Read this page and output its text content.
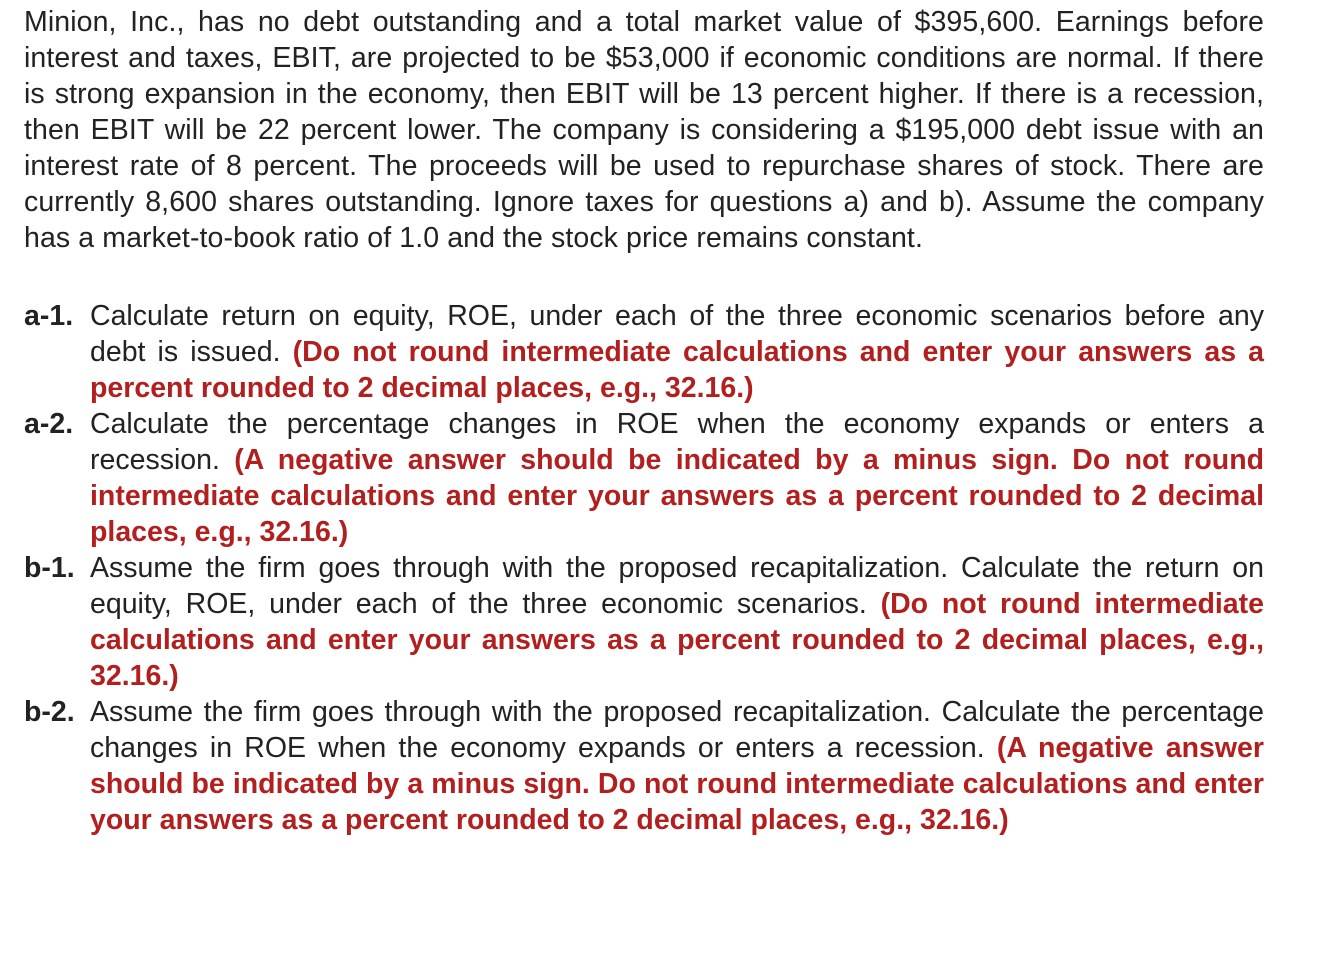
Minion, Inc., has no debt outstanding and a total market value of $395,600. Earnings before interest and taxes, EBIT, are projected to be $53,000 if economic conditions are normal. If there is strong expansion in the economy, then EBIT will be 13 percent higher. If there is a recession, then EBIT will be 22 percent lower. The company is considering a $195,000 debt issue with an interest rate of 8 percent. The proceeds will be used to repurchase shares of stock. There are currently 8,600 shares outstanding. Ignore taxes for questions a) and b). Assume the company has a market-to-book ratio of 1.0 and the stock price remains constant.

a-1. Calculate return on equity, ROE, under each of the three economic scenarios before any debt is issued. (Do not round intermediate calculations and enter your answers as a percent rounded to 2 decimal places, e.g., 32.16.)
a-2. Calculate the percentage changes in ROE when the economy expands or enters a recession. (A negative answer should be indicated by a minus sign. Do not round intermediate calculations and enter your answers as a percent rounded to 2 decimal places, e.g., 32.16.)
b-1. Assume the firm goes through with the proposed recapitalization. Calculate the return on equity, ROE, under each of the three economic scenarios. (Do not round intermediate calculations and enter your answers as a percent rounded to 2 decimal places, e.g., 32.16.)
b-2. Assume the firm goes through with the proposed recapitalization. Calculate the percentage changes in ROE when the economy expands or enters a recession. (A negative answer should be indicated by a minus sign. Do not round intermediate calculations and enter your answers as a percent rounded to 2 decimal places, e.g., 32.16.)
